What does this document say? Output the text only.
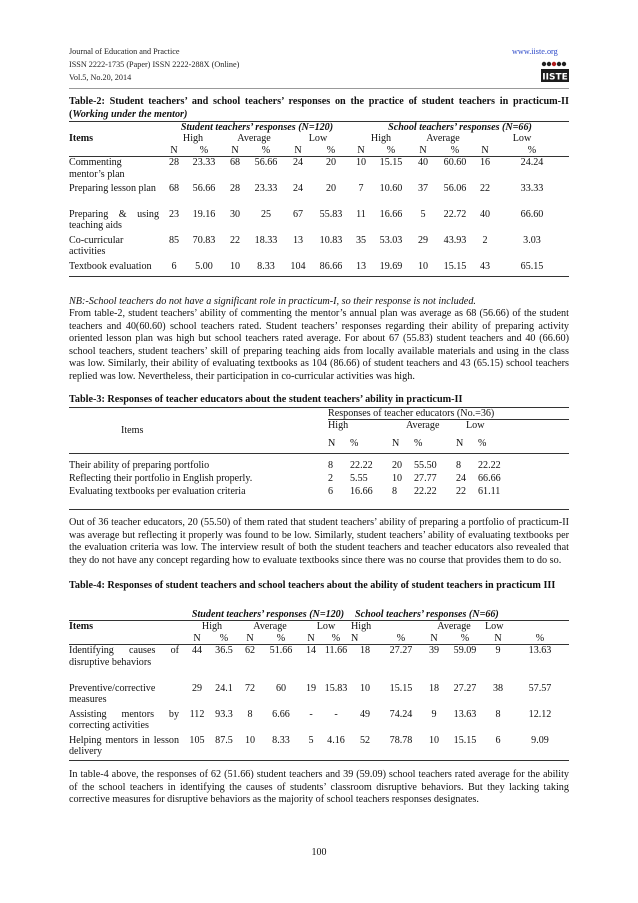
Journal of Education and Practice
ISSN 2222-1735 (Paper) ISSN 2222-288X (Online)
Vol.5, No.20, 2014
www.iiste.org
IISTE
Table-2: Student teachers’ and school teachers’ responses on the practice of student teachers in practicum-II (Working under the mentor)
Items	Student teachers’ responses (N=120)						School teachers’ responses (N=66)					
	High		Average		Low		High		Average		Low	
	N	%	N	%	N	%	N	%	N	%	N	%
Commenting mentor’s plan	28	23.33	68	56.66	24	20	10	15.15	40	60.60	16	24.24
Preparing lesson plan	68	56.66	28	23.33	24	20	7	10.60	37	56.06	22	33.33
Preparing & using teaching aids	23	19.16	30	25	67	55.83	11	16.66	5	22.72	40	66.60
Co-curricular activities	85	70.83	22	18.33	13	10.83	35	53.03	29	43.93	2	3.03
Textbook evaluation	6	5.00	10	8.33	104	86.66	13	19.69	10	15.15	43	65.15
NB:-School teachers do not have a significant role in practicum-I, so their response is not included.
From table-2, student teachers’ ability of commenting the mentor’s annual plan was average as 68 (56.66) of the student teachers and 40(60.60) school teachers rated. Student teachers’ responses regarding their ability of preparing activity oriented lesson plan was high but school teachers rated average. For about 67 (55.83) student teachers and 40 (66.60) school teachers, student teachers’ skill of preparing teaching aids from locally available materials and using in the class was low. Similarly, their ability of evaluating textbooks as 104 (86.66) of student teachers and 43 (65.15) school teachers replied was low. Nevertheless, their participation in co-curricular activities was high.
Table-3: Responses of teacher educators about the student teachers’ ability in practicum-II
Items	Responses of teacher educators (No.=36)					
	High		Average		Low	
	N	%	N	%	N	%
Their ability of preparing portfolio	8	22.22	20	55.50	8	22.22
Reflecting their portfolio in English properly.	2	5.55	10	27.77	24	66.66
Evaluating textbooks per evaluation criteria	6	16.66	8	22.22	22	61.11
Out of 36 teacher educators, 20 (55.50) of them rated that student teachers’ ability of preparing a portfolio of practicum-II was average but reflecting it properly was found to be low. Similarly, student teachers’ ability of evaluating textbooks per the evaluation criteria was low. The interview result of both the student teachers and teacher educators also revealed that they do not have any concept regarding how to evaluate textbooks since there was no course that provides them to do so.
Table-4: Responses of student teachers and school teachers about the ability of student teachers in practicum III
	Student teachers’ responses (N=120)						School teachers’ responses (N=66)					
Items	High		Average		Low		High		Average		Low	
	N	%	N	%	N	%	N	%	N	%	N	%
Identifying causes of disruptive behaviors	44	36.5	62	51.66	14	11.66	18	27.27	39	59.09	9	13.63
Preventive/corrective measures	29	24.1	72	60	19	15.83	10	15.15	18	27.27	38	57.57
Assisting mentors by correcting activities	112	93.3	8	6.66	-	-	49	74.24	9	13.63	8	12.12
Helping mentors in lesson delivery	105	87.5	10	8.33	5	4.16	52	78.78	10	15.15	6	9.09
In table-4 above, the responses of 62 (51.66) student teachers and 39 (59.09) school teachers rated average for the ability of the school teachers in identifying the causes of students’ classroom disruptive behaviors. But they lacking taking corrective measures for disruptive behaviors as the majority of school teachers responses designates.
100
